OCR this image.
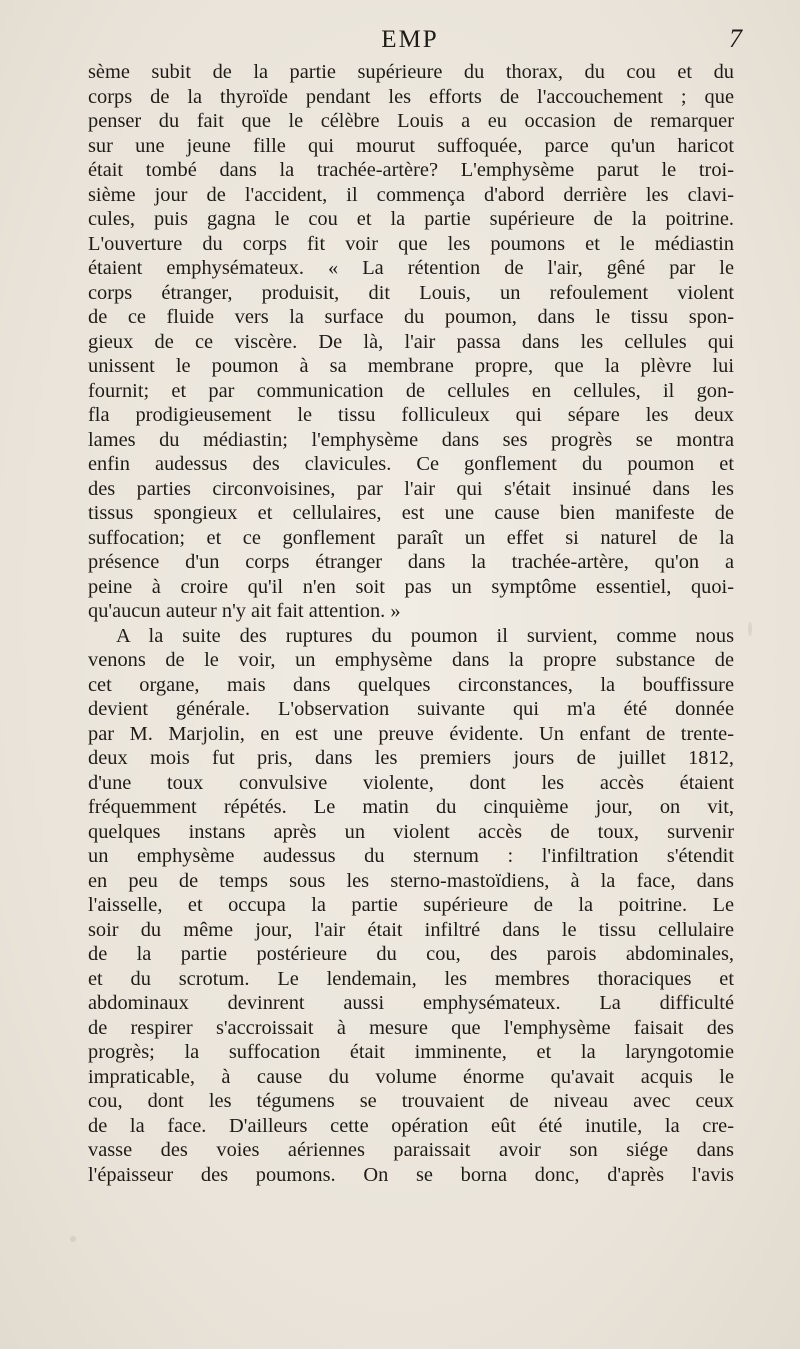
EMP	7
sème subit de la partie supérieure du thorax, du cou et du
corps de la thyroïde pendant les efforts de l'accouchement ; que
penser du fait que le célèbre Louis a eu occasion de remarquer
sur une jeune fille qui mourut suffoquée, parce qu'un haricot
était tombé dans la trachée-artère? L'emphysème parut le troi-
sième jour de l'accident, il commença d'abord derrière les clavi-
cules, puis gagna le cou et la partie supérieure de la poitrine.
L'ouverture du corps fit voir que les poumons et le médiastin
étaient emphysémateux. « La rétention de l'air, gêné par le
corps étranger, produisit, dit Louis, un refoulement violent
de ce fluide vers la surface du poumon, dans le tissu spon-
gieux de ce viscère. De là, l'air passa dans les cellules qui
unissent le poumon à sa membrane propre, que la plèvre lui
fournit; et par communication de cellules en cellules, il gon-
fla prodigieusement le tissu folliculeux qui sépare les deux
lames du médiastin; l'emphysème dans ses progrès se montra
enfin audessus des clavicules. Ce gonflement du poumon et
des parties circonvoisines, par l'air qui s'était insinué dans les
tissus spongieux et cellulaires, est une cause bien manifeste de
suffocation; et ce gonflement paraît un effet si naturel de la
présence d'un corps étranger dans la trachée-artère, qu'on a
peine à croire qu'il n'en soit pas un symptôme essentiel, quoi-
qu'aucun auteur n'y ait fait attention. »
A la suite des ruptures du poumon il survient, comme nous
venons de le voir, un emphysème dans la propre substance de
cet organe, mais dans quelques circonstances, la bouffissure
devient générale. L'observation suivante qui m'a été donnée
par M. Marjolin, en est une preuve évidente. Un enfant de trente-
deux mois fut pris, dans les premiers jours de juillet 1812,
d'une toux convulsive violente, dont les accès étaient
fréquemment répétés. Le matin du cinquième jour, on vit,
quelques instans après un violent accès de toux, survenir
un emphysème audessus du sternum : l'infiltration s'étendit
en peu de temps sous les sterno-mastoïdiens, à la face, dans
l'aisselle, et occupa la partie supérieure de la poitrine. Le
soir du même jour, l'air était infiltré dans le tissu cellulaire
de la partie postérieure du cou, des parois abdominales,
et du scrotum. Le lendemain, les membres thoraciques et
abdominaux devinrent aussi emphysémateux. La difficulté
de respirer s'accroissait à mesure que l'emphysème faisait des
progrès; la suffocation était imminente, et la laryngotomie
impraticable, à cause du volume énorme qu'avait acquis le
cou, dont les tégumens se trouvaient de niveau avec ceux
de la face. D'ailleurs cette opération eût été inutile, la cre-
vasse des voies aériennes paraissait avoir son siége dans
l'épaisseur des poumons. On se borna donc, d'après l'avis
